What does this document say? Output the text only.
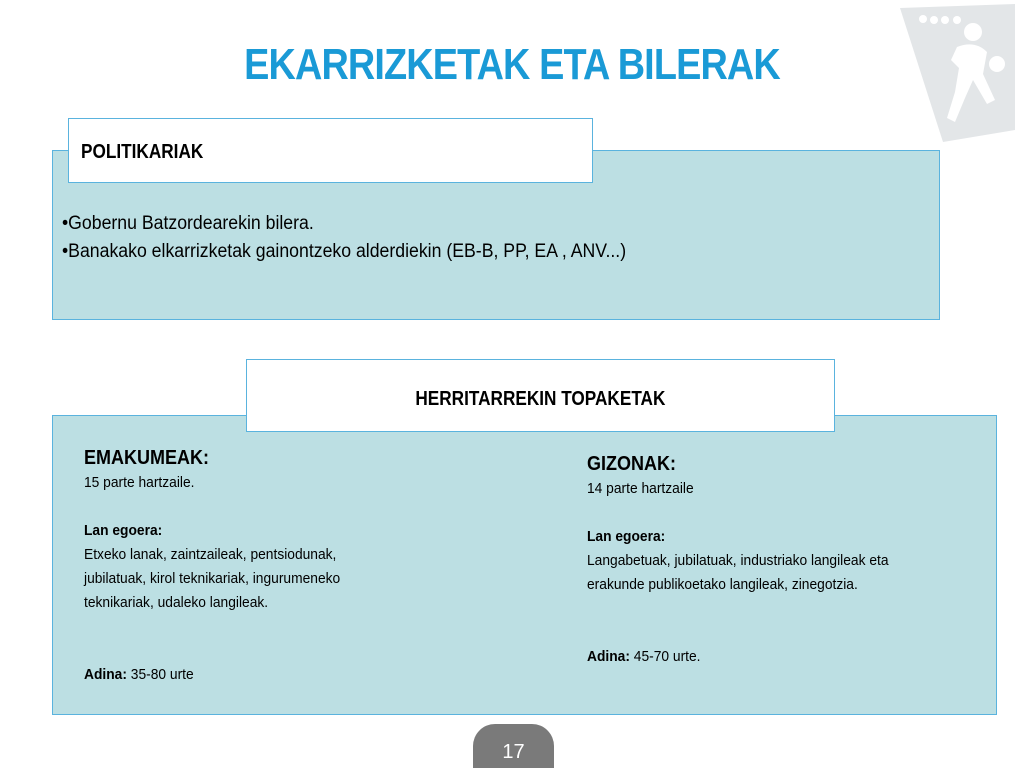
EKARRIZKETAK ETA BILERAK
POLITIKARIAK
•Gobernu Batzordearekin bilera.
•Banakako elkarrizketak gainontzeko alderdiekin (EB-B, PP, EA , ANV...)
HERRITARREKIN TOPAKETAK
EMAKUMEAK:
15 parte hartzaile.
Lan egoera:
Etxeko lanak, zaintzaileak, pentsiodunak,
jubilatuak, kirol teknikariak, ingurumeneko
teknikariak, udaleko langileak.
Adina: 35-80 urte
GIZONAK:
14 parte hartzaile
Lan egoera:
Langabetuak, jubilatuak, industriako langileak eta
erakunde publikoetako langileak, zinegotzia.
Adina: 45-70 urte.
17
